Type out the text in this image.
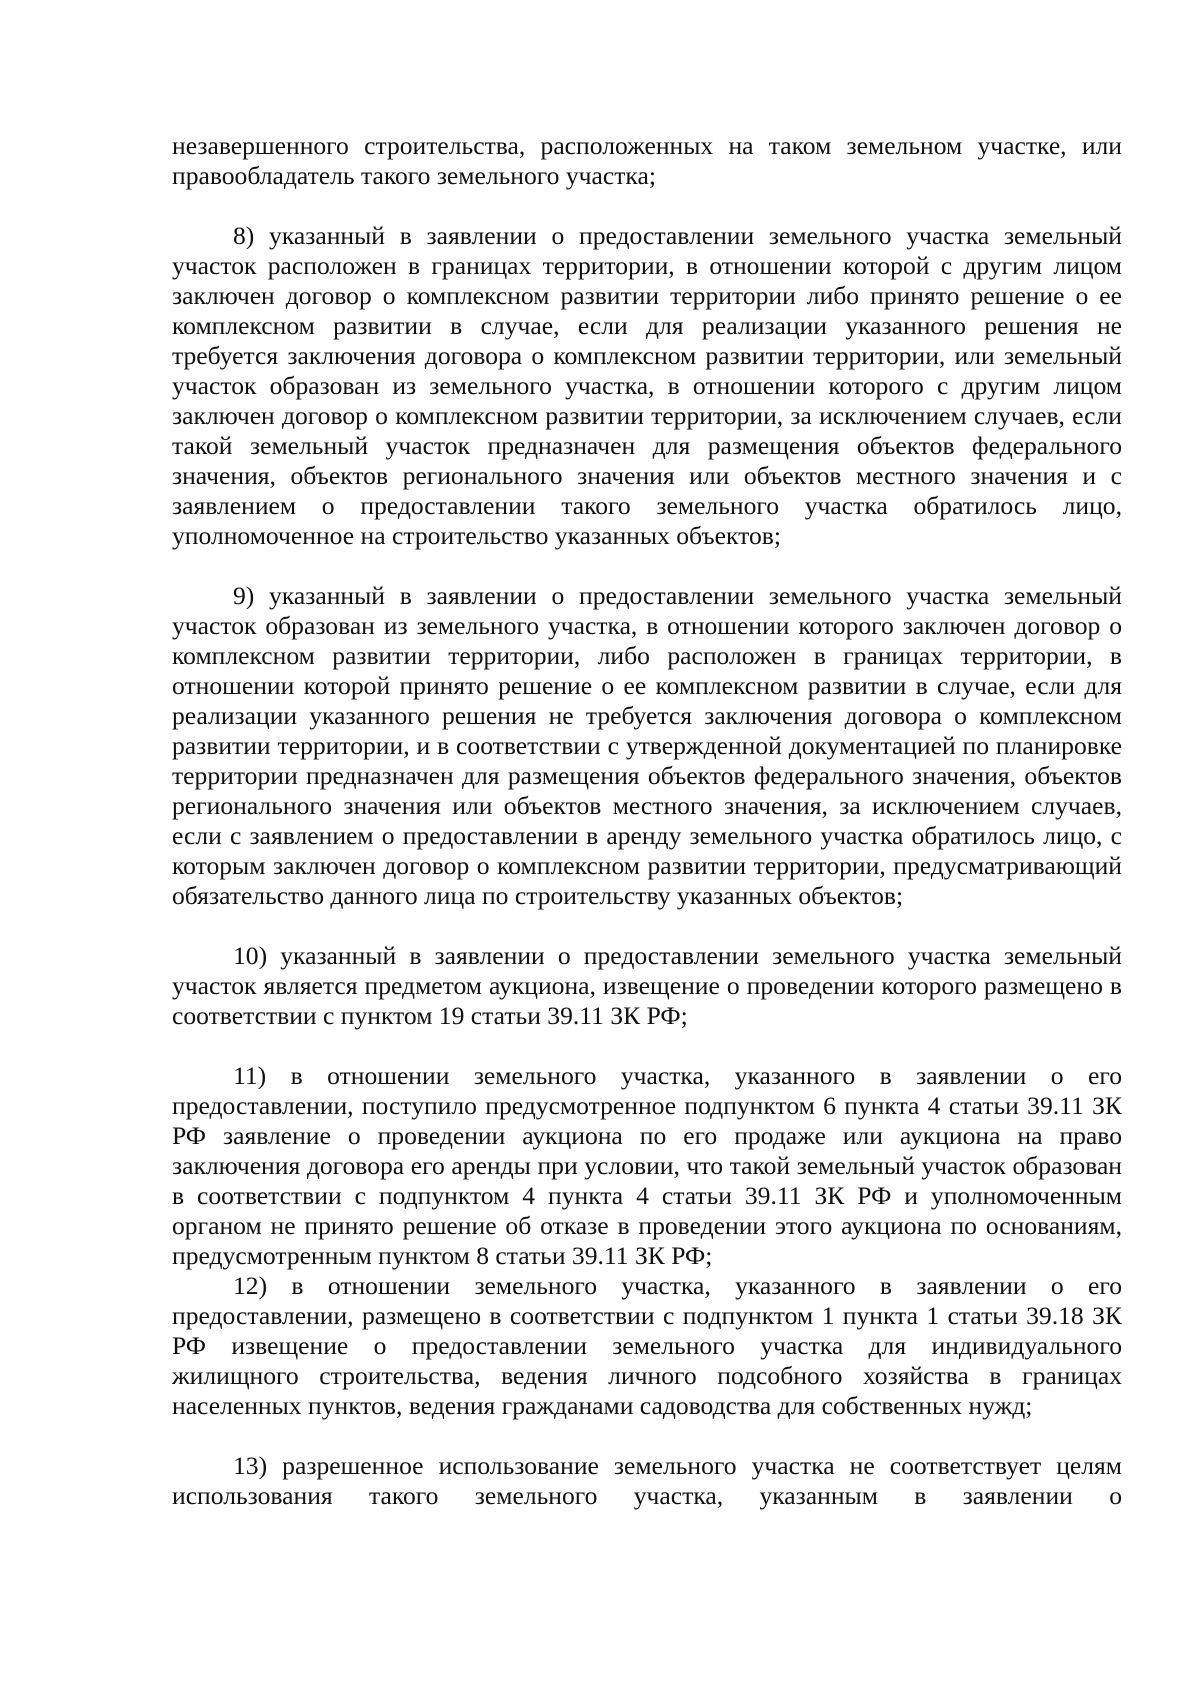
незавершенного строительства, расположенных на таком земельном участке, или правообладатель такого земельного участка;

8) указанный в заявлении о предоставлении земельного участка земельный участок расположен в границах территории, в отношении которой с другим лицом заключен договор о комплексном развитии территории либо принято решение о ее комплексном развитии в случае, если для реализации указанного решения не требуется заключения договора о комплексном развитии территории, или земельный участок образован из земельного участка, в отношении которого с другим лицом заключен договор о комплексном развитии территории, за исключением случаев, если такой земельный участок предназначен для размещения объектов федерального значения, объектов регионального значения или объектов местного значения и с заявлением о предоставлении такого земельного участка обратилось лицо, уполномоченное на строительство указанных объектов;

9) указанный в заявлении о предоставлении земельного участка земельный участок образован из земельного участка, в отношении которого заключен договор о комплексном развитии территории, либо расположен в границах территории, в отношении которой принято решение о ее комплексном развитии в случае, если для реализации указанного решения не требуется заключения договора о комплексном развитии территории, и в соответствии с утвержденной документацией по планировке территории предназначен для размещения объектов федерального значения, объектов регионального значения или объектов местного значения, за исключением случаев, если с заявлением о предоставлении в аренду земельного участка обратилось лицо, с которым заключен договор о комплексном развитии территории, предусматривающий обязательство данного лица по строительству указанных объектов;

10) указанный в заявлении о предоставлении земельного участка земельный участок является предметом аукциона, извещение о проведении которого размещено в соответствии с пунктом 19 статьи 39.11 ЗК РФ;

11) в отношении земельного участка, указанного в заявлении о его предоставлении, поступило предусмотренное подпунктом 6 пункта 4 статьи 39.11 ЗК РФ заявление о проведении аукциона по его продаже или аукциона на право заключения договора его аренды при условии, что такой земельный участок образован в соответствии с подпунктом 4 пункта 4 статьи 39.11 ЗК РФ и уполномоченным органом не принято решение об отказе в проведении этого аукциона по основаниям, предусмотренным пунктом 8 статьи 39.11 ЗК РФ;

12) в отношении земельного участка, указанного в заявлении о его предоставлении, размещено в соответствии с подпунктом 1 пункта 1 статьи 39.18 ЗК РФ извещение о предоставлении земельного участка для индивидуального жилищного строительства, ведения личного подсобного хозяйства в границах населенных пунктов, ведения гражданами садоводства для собственных нужд;

13) разрешенное использование земельного участка не соответствует целям использования такого земельного участка, указанным в заявлении о
